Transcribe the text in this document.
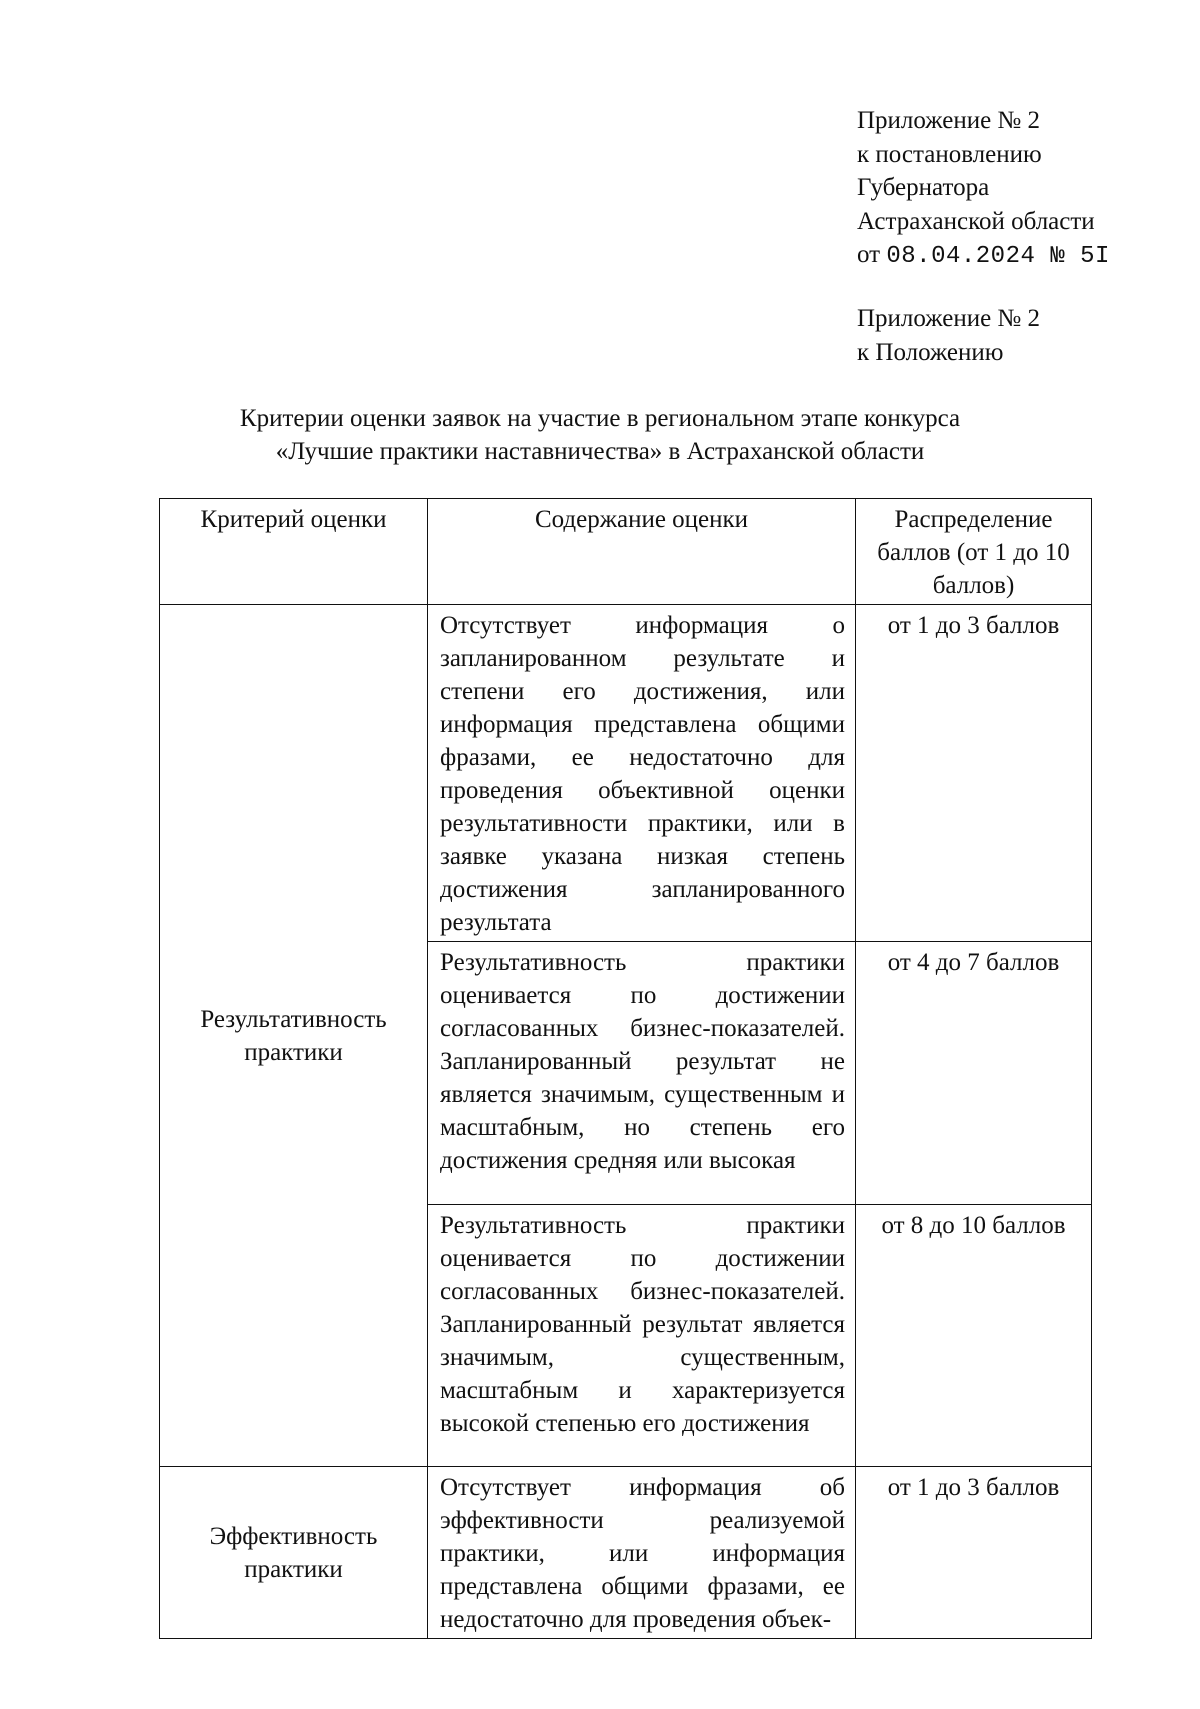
Приложение № 2
к постановлению
Губернатора
Астраханской области
от 08.04.2024 № 5I
Приложение № 2
к Положению
Критерии оценки заявок на участие в региональном этапе конкурса
«Лучшие практики наставничества» в Астраханской области
Критерий оценки	Содержание оценки	Распределение баллов (от 1 до 10 баллов)
Результативность практики	Отсутствует информация о запланированном результате и степени его достижения, или информация представлена общими фразами, ее недостаточно для проведения объективной оценки результативности практики, или в заявке указана низкая степень достижения запланированного результата	от 1 до 3 баллов
	Результативность практики оценивается по достижении согласованных бизнес-показателей. Запланированный результат не является значимым, существенным и масштабным, но степень его достижения средняя или высокая	от 4 до 7 баллов
	Результативность практики оценивается по достижении согласованных бизнес-показателей. Запланированный результат является значимым, существенным, масштабным и характеризуется высокой степенью его достижения	от 8 до 10 баллов
Эффективность практики	Отсутствует информация об эффективности реализуемой практики, или информация представлена общими фразами, ее недостаточно для проведения объек-	от 1 до 3 баллов
